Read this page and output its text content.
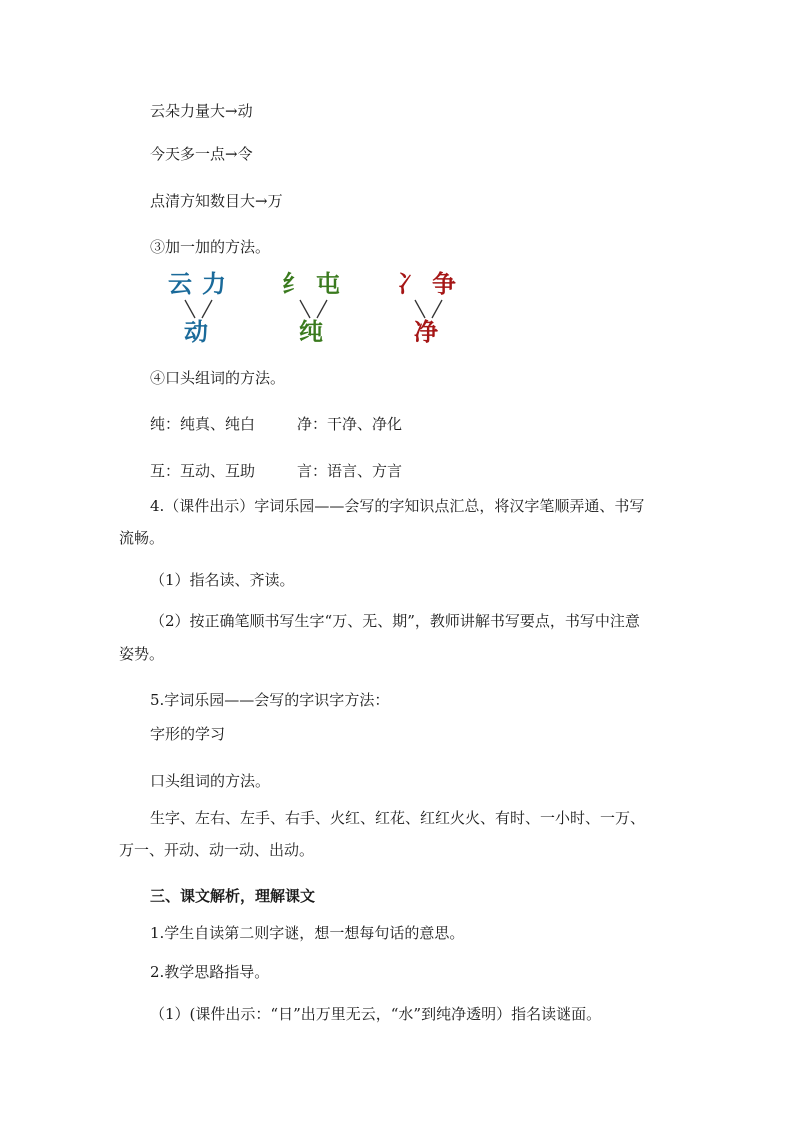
云朵力量大→动
今天多一点→令
点清方知数目大→万
③加一加的方法。
云 力
动
纟 屯
纯
冫 争
净
④口头组词的方法。
纯：纯真、纯白	净：干净、净化
互：互动、互助	言：语言、方言
4.（课件出示）字词乐园——会写的字知识点汇总，将汉字笔顺弄通、书写
流畅。
（1）指名读、齐读。
（2）按正确笔顺书写生字“万、无、期”，教师讲解书写要点，书写中注意
姿势。
5.字词乐园——会写的字识字方法：
字形的学习
口头组词的方法。
生字、左右、左手、右手、火红、红花、红红火火、有时、一小时、一万、
万一、开动、动一动、出动。
三、课文解析，理解课文
1.学生自读第二则字谜，想一想每句话的意思。
2.教学思路指导。
（1）(课件出示：“日”出万里无云，“水”到纯净透明）指名读谜面。
